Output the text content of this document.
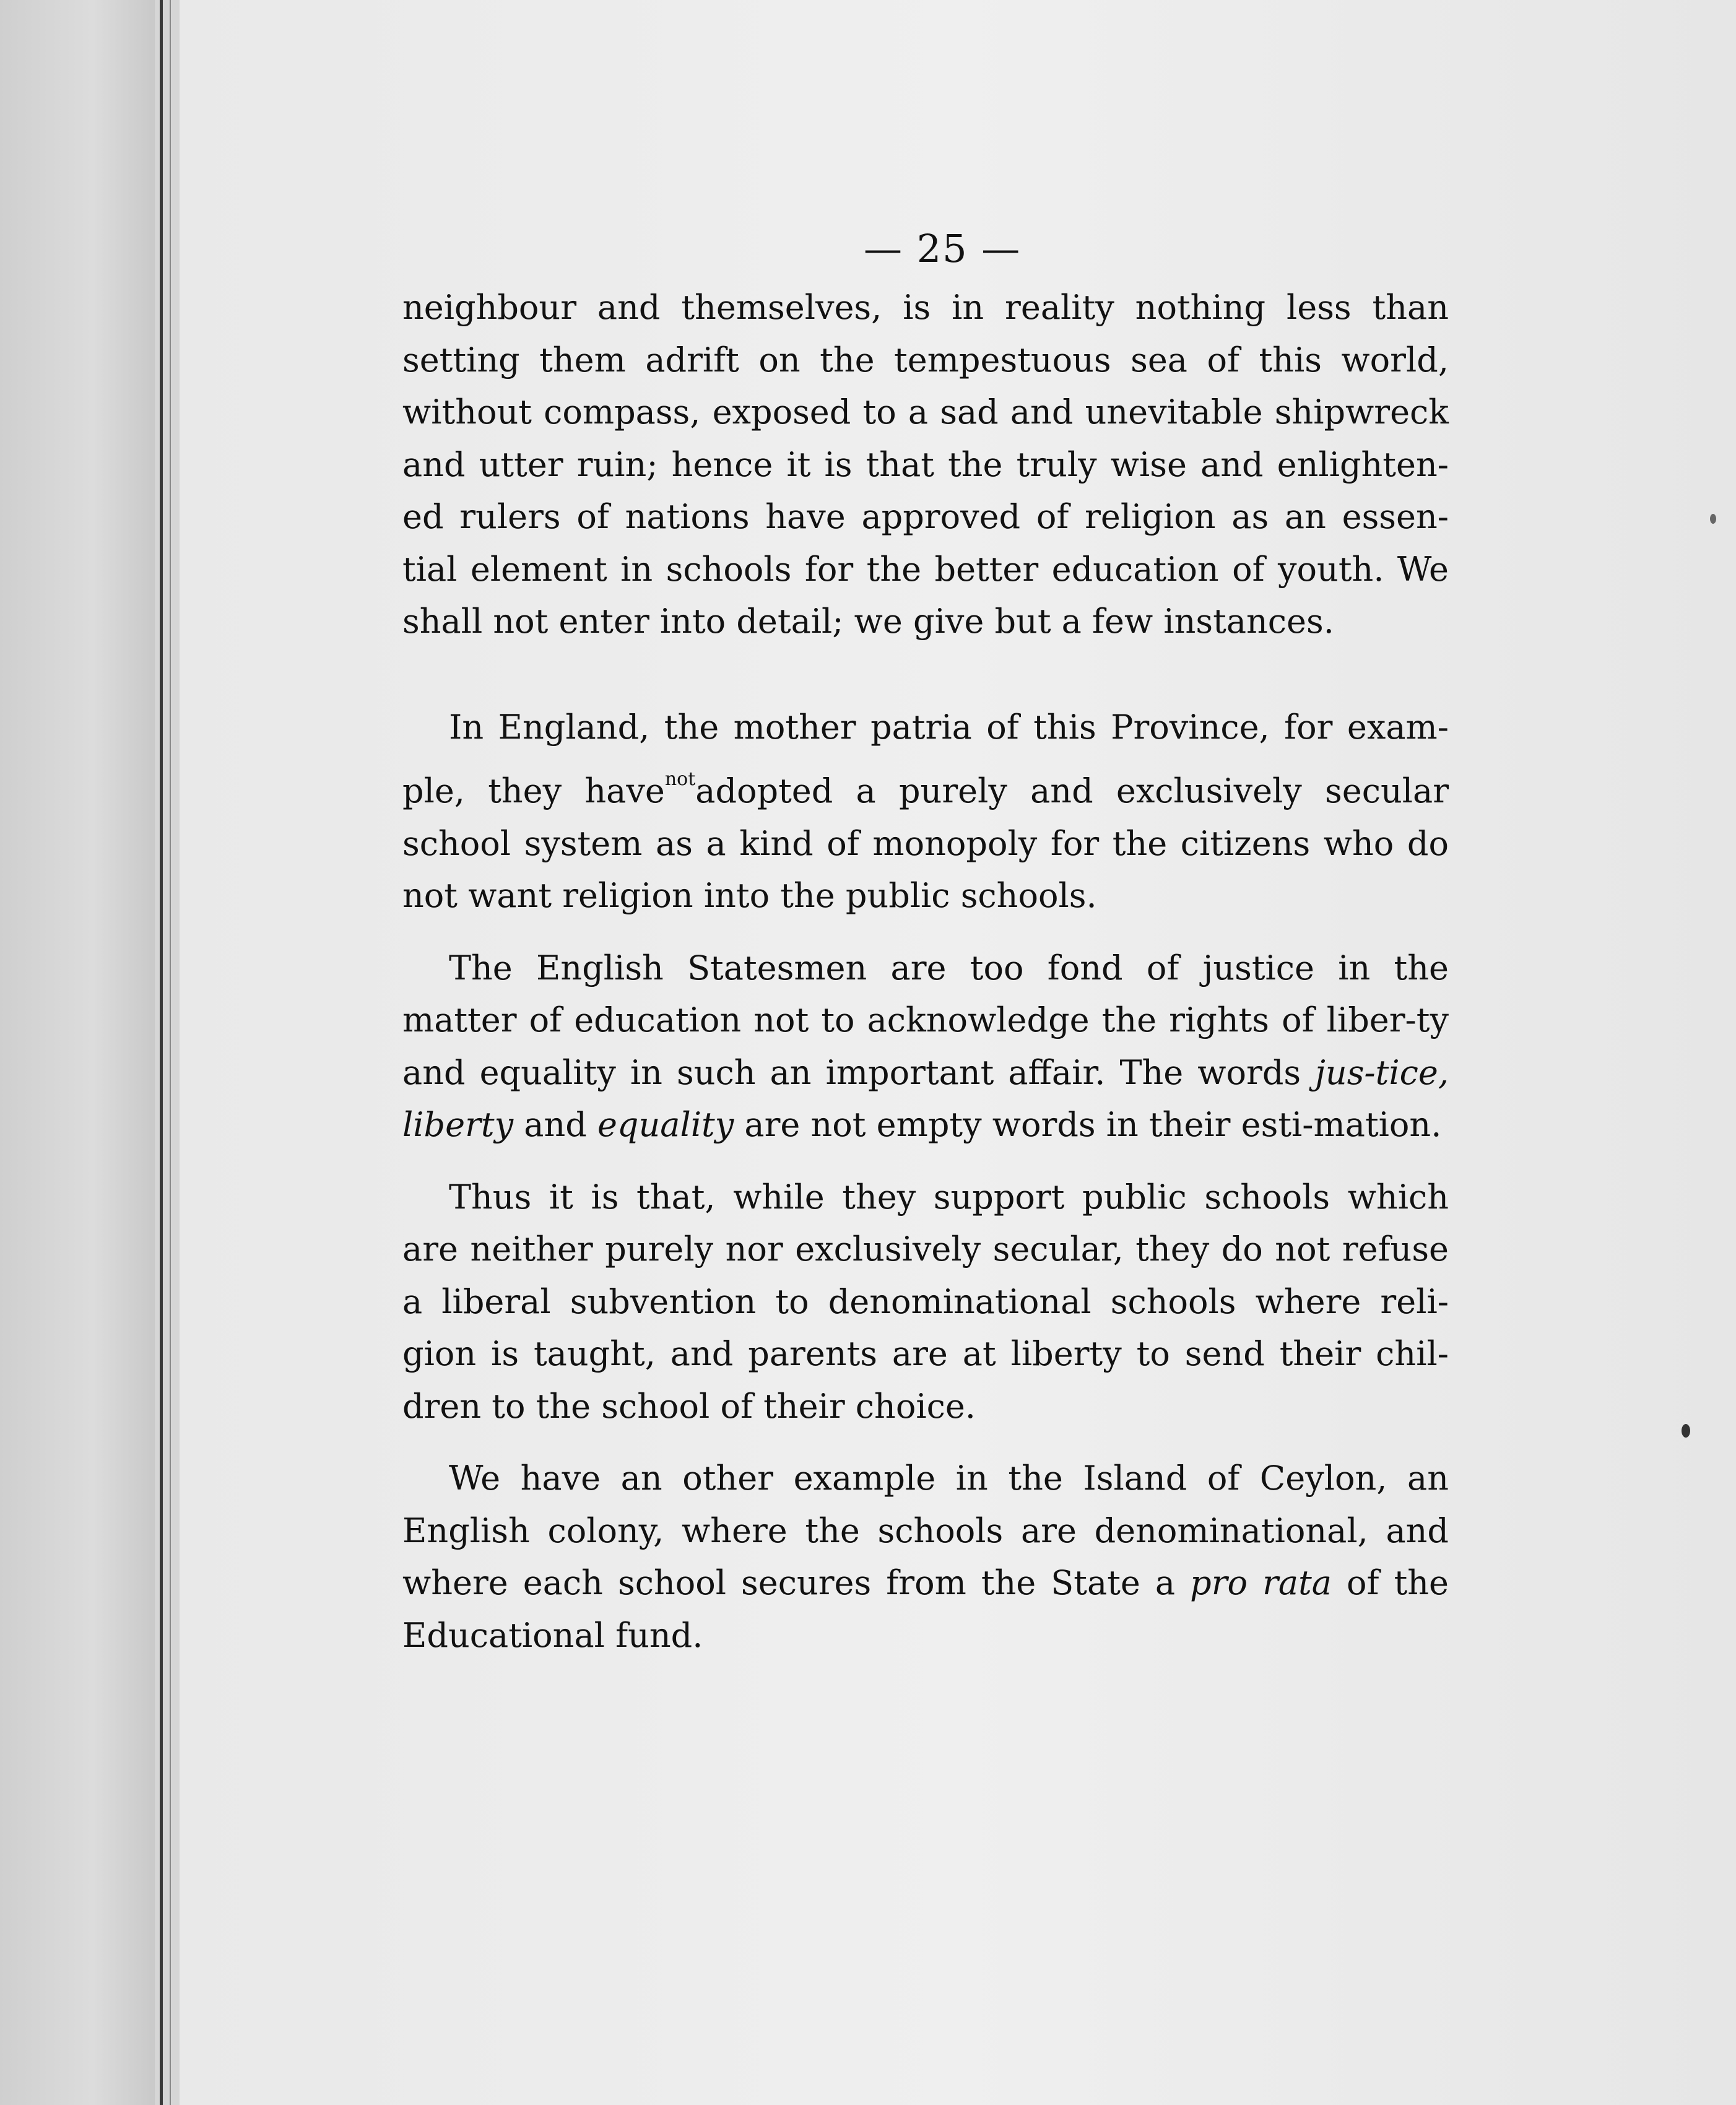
— 25 —

neighbour and themselves, is in reality nothing less than setting them adrift on the tempestuous sea of this world, without compass, exposed to a sad and unevitable shipwreck and utter ruin; hence it is that the truly wise and enlighten-ed rulers of nations have approved of religion as an essen-tial element in schools for the better education of youth. We shall not enter into detail; we give but a few instances.

In England, the mother patria of this Province, for exam-ple, they have$^{not}$adopted a purely and exclusively secular school system as a kind of monopoly for the citizens who do not want religion into the public schools.

The English Statesmen are too fond of justice in the matter of education not to acknowledge the rights of liber-ty and equality in such an important affair. The words jus-tice, liberty and equality are not empty words in their esti-mation.

Thus it is that, while they support public schools which are neither purely nor exclusively secular, they do not refuse a liberal subvention to denominational schools where reli-gion is taught, and parents are at liberty to send their chil-dren to the school of their choice.

We have an other example in the Island of Ceylon, an English colony, where the schools are denominational, and where each school secures from the State a pro rata of the Educational fund.
